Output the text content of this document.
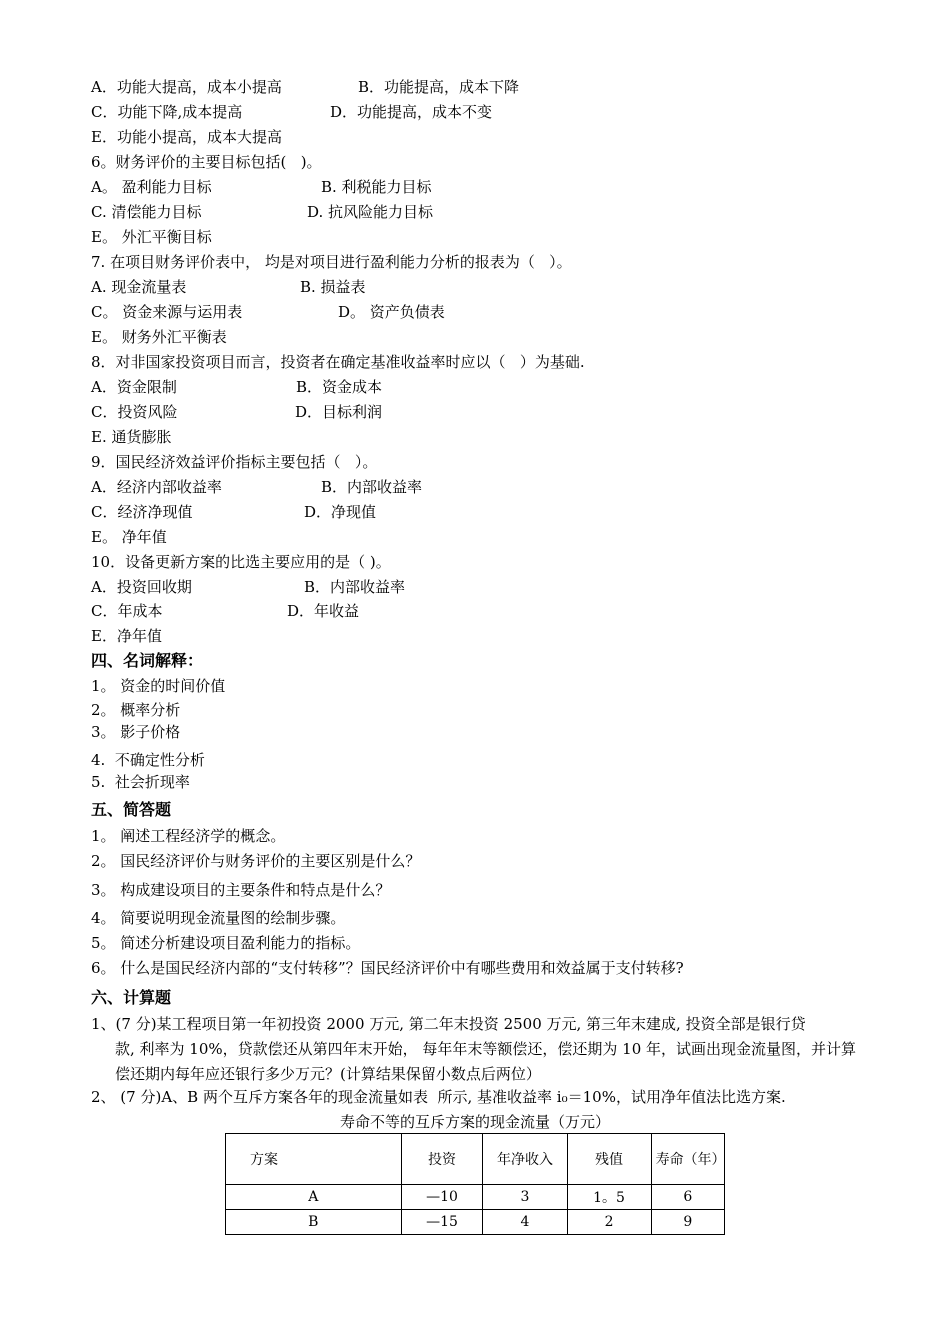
A．功能大提高，成本小提高	B．功能提高，成本下降
C．功能下降,成本提高	D．功能提高，成本不变
E．功能小提高，成本大提高
6。财务评价的主要目标包括(   )。
A。 盈利能力目标	B. 利税能力目标
C. 清偿能力目标	D. 抗风险能力目标
E。 外汇平衡目标
7. 在项目财务评价表中， 均是对项目进行盈利能力分析的报表为（   ）。
A. 现金流量表	B. 损益表
C。 资金来源与运用表	D。 资产负债表
E。 财务外汇平衡表
8．对非国家投资项目而言，投资者在确定基准收益率时应以（   ）为基础.
A．资金限制	B．资金成本
C．投资风险	D．目标利润
E. 通货膨胀
9．国民经济效益评价指标主要包括（   ）。
A．经济内部收益率	B．内部收益率
C．经济净现值	D．净现值
E。 净年值
10．设备更新方案的比选主要应用的是（ )。
A．投资回收期	B．内部收益率
C．年成本	D．年收益
E．净年值
四、名词解释：
1。 资金的时间价值
2。 概率分析
3。 影子价格
4.  不确定性分析
5.  社会折现率
五、简答题
1。 阐述工程经济学的概念。
2。 国民经济评价与财务评价的主要区别是什么？
3。 构成建设项目的主要条件和特点是什么？
4。 简要说明现金流量图的绘制步骤。
5。 简述分析建设项目盈利能力的指标。
6。 什么是国民经济内部的“支付转移”？国民经济评价中有哪些费用和效益属于支付转移?
六、计算题
1、(7 分)某工程项目第一年初投资 2000 万元, 第二年末投资 2500 万元, 第三年末建成, 投资全部是银行贷
款, 利率为 10%，贷款偿还从第四年末开始， 每年年末等额偿还，偿还期为 10 年，试画出现金流量图，并计算偿还期内每年应还银行多少万元？(计算结果保留小数点后两位）
2、 (7 分)A、B 两个互斥方案各年的现金流量如表  所示, 基准收益率 i₀＝10%，试用净年值法比选方案.
寿命不等的互斥方案的现金流量（万元）
方案	投资	年净收入	残值	寿命（年）
A	—10	3	1。5	6
B	—15	4	2	9
